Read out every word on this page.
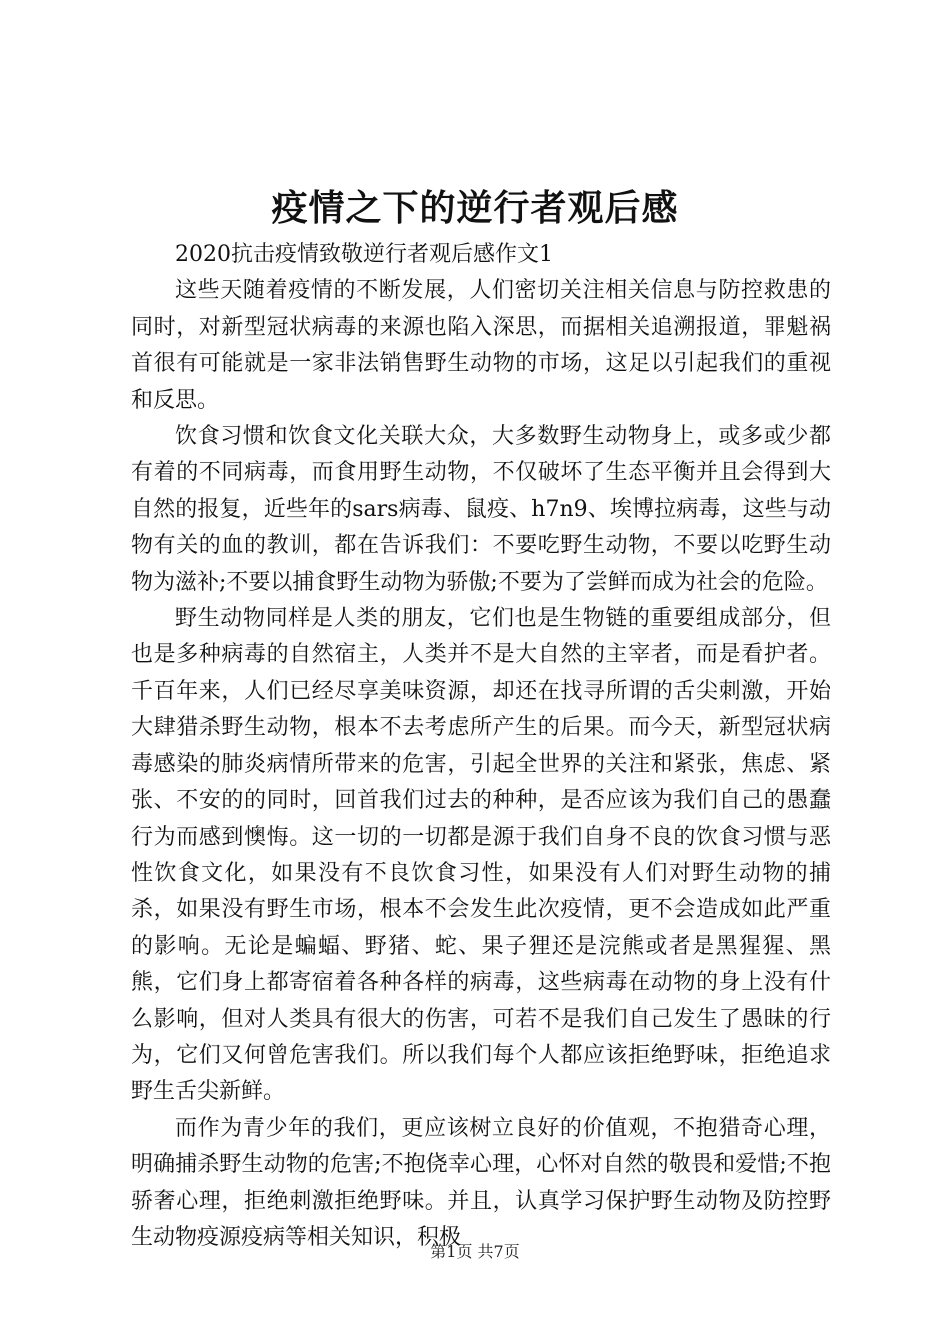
疫情之下的逆行者观后感

2020抗击疫情致敬逆行者观后感作文1

这些天随着疫情的不断发展，人们密切关注相关信息与防控救患的同时，对新型冠状病毒的来源也陷入深思，而据相关追溯报道，罪魁祸首很有可能就是一家非法销售野生动物的市场，这足以引起我们的重视和反思。

饮食习惯和饮食文化关联大众，大多数野生动物身上，或多或少都有着的不同病毒，而食用野生动物，不仅破坏了生态平衡并且会得到大自然的报复，近些年的sars病毒、鼠疫、h7n9、埃博拉病毒，这些与动物有关的血的教训，都在告诉我们：不要吃野生动物，不要以吃野生动物为滋补;不要以捕食野生动物为骄傲;不要为了尝鲜而成为社会的危险。

野生动物同样是人类的朋友，它们也是生物链的重要组成部分，但也是多种病毒的自然宿主，人类并不是大自然的主宰者，而是看护者。千百年来，人们已经尽享美味资源，却还在找寻所谓的舌尖刺激，开始大肆猎杀野生动物，根本不去考虑所产生的后果。而今天，新型冠状病毒感染的肺炎病情所带来的危害，引起全世界的关注和紧张，焦虑、紧张、不安的的同时，回首我们过去的种种，是否应该为我们自己的愚蠢行为而感到懊悔。这一切的一切都是源于我们自身不良的饮食习惯与恶性饮食文化，如果没有不良饮食习性，如果没有人们对野生动物的捕杀，如果没有野生市场，根本不会发生此次疫情，更不会造成如此严重的影响。无论是蝙蝠、野猪、蛇、果子狸还是浣熊或者是黑猩猩、黑熊，它们身上都寄宿着各种各样的病毒，这些病毒在动物的身上没有什么影响，但对人类具有很大的伤害，可若不是我们自己发生了愚昧的行为，它们又何曾危害我们。所以我们每个人都应该拒绝野味，拒绝追求野生舌尖新鲜。

而作为青少年的我们，更应该树立良好的价值观，不抱猎奇心理，明确捕杀野生动物的危害;不抱侥幸心理，心怀对自然的敬畏和爱惜;不抱骄奢心理，拒绝刺激拒绝野味。并且，认真学习保护野生动物及防控野生动物疫源疫病等相关知识，积极

第1页 共7页
